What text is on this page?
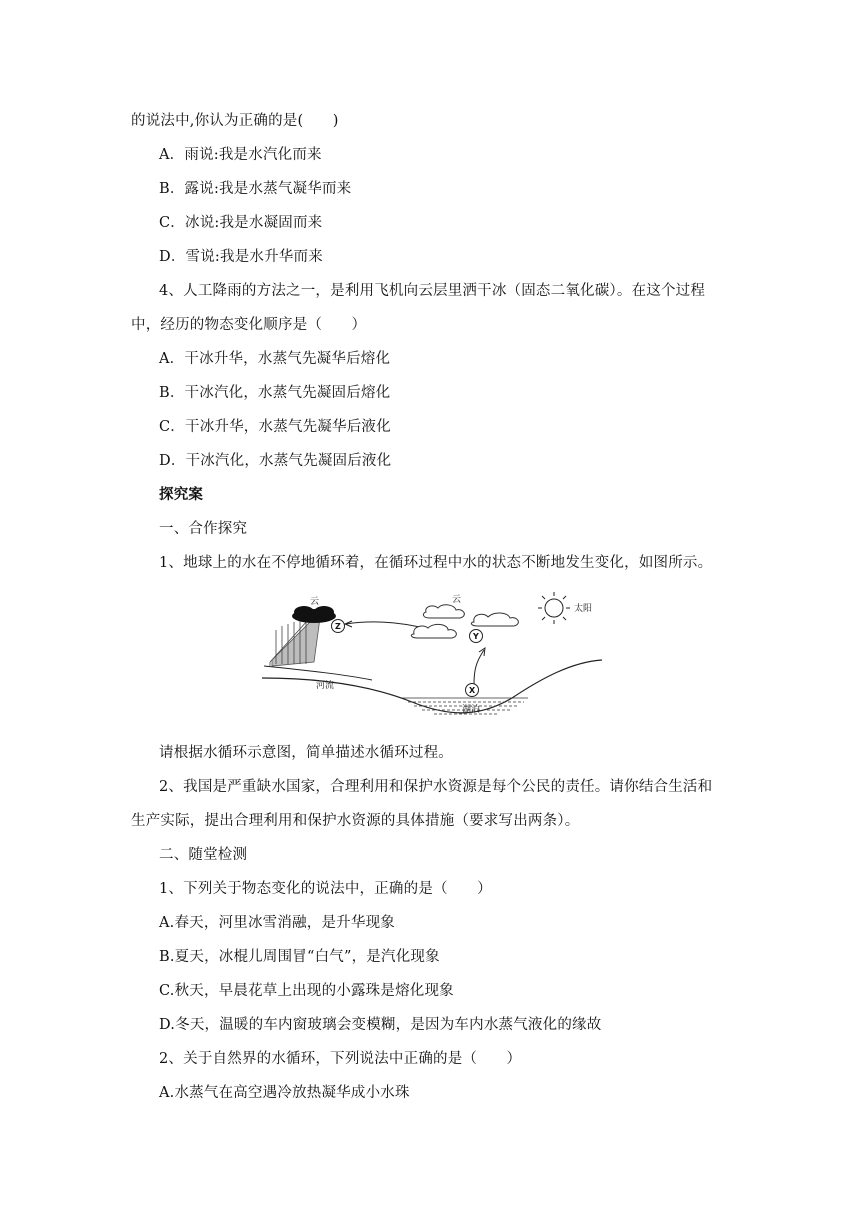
的说法中,你认为正确的是(　　)
A．雨说:我是水汽化而来
B．露说:我是水蒸气凝华而来
C．冰说:我是水凝固而来
D．雪说:我是水升华而来
4、人工降雨的方法之一，是利用飞机向云层里洒干冰（固态二氧化碳）。在这个过程
中，经历的物态变化顺序是（　　）
A．干冰升华，水蒸气先凝华后熔化
B．干冰汽化，水蒸气先凝固后熔化
C．干冰升华，水蒸气先凝华后液化
D．干冰汽化，水蒸气先凝固后液化
探究案
一、合作探究
1、地球上的水在不停地循环着，在循环过程中水的状态不断地发生变化，如图所示。
云
Z
云
Y
太阳
河流
湖泊
X
请根据水循环示意图，简单描述水循环过程。
2、我国是严重缺水国家，合理利用和保护水资源是每个公民的责任。请你结合生活和
生产实际，提出合理利用和保护水资源的具体措施（要求写出两条）。
二、随堂检测
1、下列关于物态变化的说法中，正确的是（　　）
A.春天，河里冰雪消融，是升华现象
B.夏天，冰棍儿周围冒“白气”，是汽化现象
C.秋天，早晨花草上出现的小露珠是熔化现象
D.冬天，温暖的车内窗玻璃会变模糊，是因为车内水蒸气液化的缘故
2、关于自然界的水循环，下列说法中正确的是（　　）
A.水蒸气在高空遇冷放热凝华成小水珠
